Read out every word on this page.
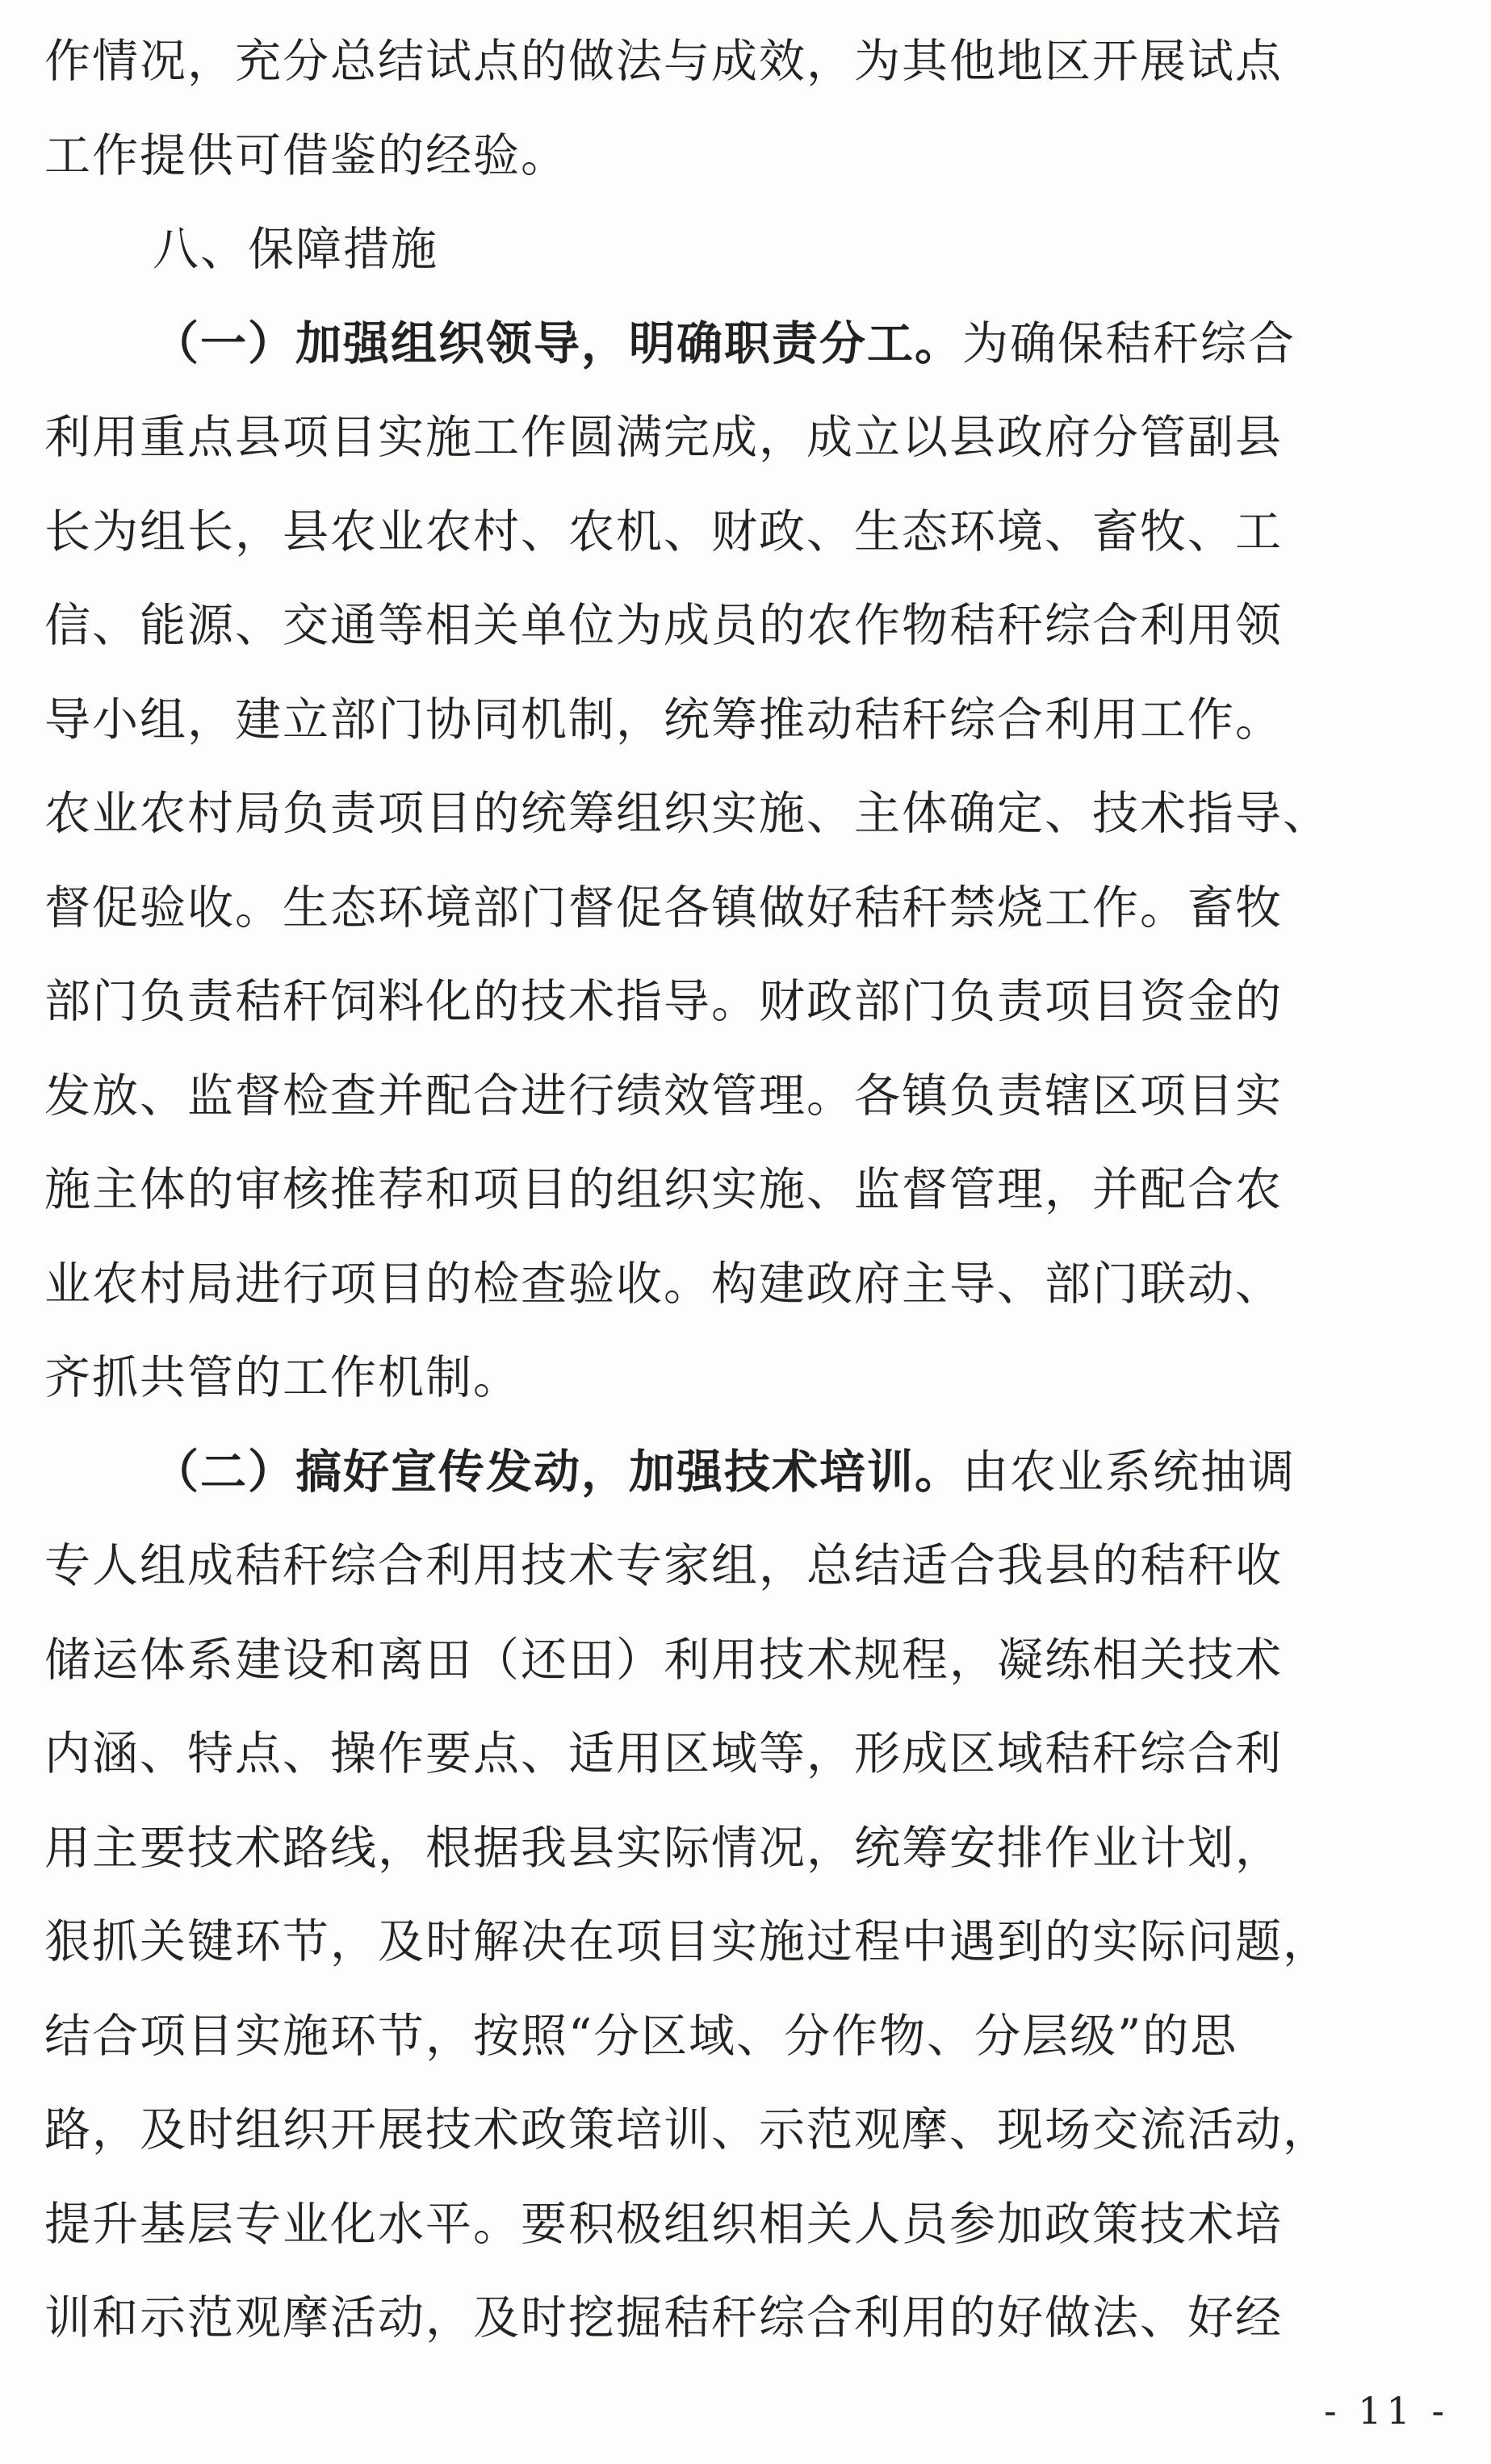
作情况，充分总结试点的做法与成效，为其他地区开展试点
工作提供可借鉴的经验。
八、保障措施
（一）加强组织领导，明确职责分工。为确保秸秆综合
利用重点县项目实施工作圆满完成，成立以县政府分管副县
长为组长，县农业农村、农机、财政、生态环境、畜牧、工
信、能源、交通等相关单位为成员的农作物秸秆综合利用领
导小组，建立部门协同机制，统筹推动秸秆综合利用工作。
农业农村局负责项目的统筹组织实施、主体确定、技术指导、
督促验收。生态环境部门督促各镇做好秸秆禁烧工作。畜牧
部门负责秸秆饲料化的技术指导。财政部门负责项目资金的
发放、监督检查并配合进行绩效管理。各镇负责辖区项目实
施主体的审核推荐和项目的组织实施、监督管理，并配合农
业农村局进行项目的检查验收。构建政府主导、部门联动、
齐抓共管的工作机制。
（二）搞好宣传发动，加强技术培训。由农业系统抽调
专人组成秸秆综合利用技术专家组，总结适合我县的秸秆收
储运体系建设和离田（还田）利用技术规程，凝练相关技术
内涵、特点、操作要点、适用区域等，形成区域秸秆综合利
用主要技术路线，根据我县实际情况，统筹安排作业计划，
狠抓关键环节，及时解决在项目实施过程中遇到的实际问题，
结合项目实施环节，按照“分区域、分作物、分层级”的思
路，及时组织开展技术政策培训、示范观摩、现场交流活动，
提升基层专业化水平。要积极组织相关人员参加政策技术培
训和示范观摩活动，及时挖掘秸秆综合利用的好做法、好经
- 11 -
